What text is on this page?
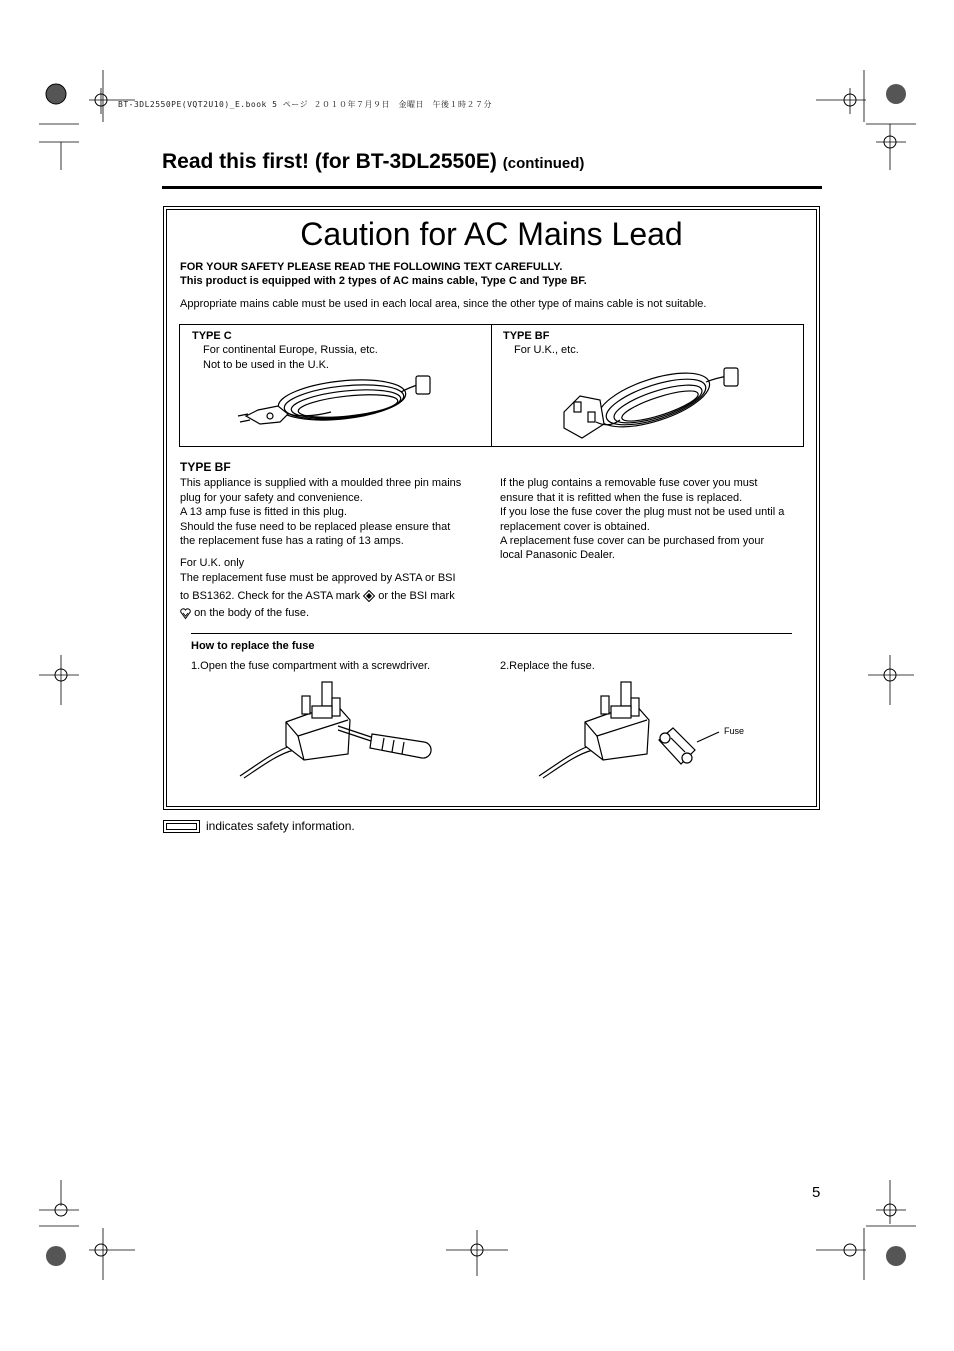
BT-3DL2550PE(VQT2U10)_E.book 5 ページ ２０１０年７月９日　金曜日　午後１時２７分
Read this first! (for BT-3DL2550E) (continued)
Caution for AC Mains Lead
FOR YOUR SAFETY PLEASE READ THE FOLLOWING TEXT CAREFULLY.
This product is equipped with 2 types of AC mains cable, Type C and Type BF.
Appropriate mains cable must be used in each local area, since the other type of mains cable is not suitable.
TYPE C
For continental Europe, Russia, etc.
Not to be used in the U.K.
TYPE BF
For U.K., etc.
TYPE BF
This appliance is supplied with a moulded three pin mains
plug for your safety and convenience.
A 13 amp fuse is fitted in this plug.
Should the fuse need to be replaced please ensure that
the replacement fuse has a rating of 13 amps.
For U.K. only
The replacement fuse must be approved by ASTA or BSI
to BS1362. Check for the ASTA mark or the BSI mark
on the body of the fuse.
If the plug contains a removable fuse cover you must
ensure that it is refitted when the fuse is replaced.
If you lose the fuse cover the plug must not be used until a
replacement cover is obtained.
A replacement fuse cover can be purchased from your
local Panasonic Dealer.
How to replace the fuse
1.Open the fuse compartment with a screwdriver.	2.Replace the fuse.
Fuse
indicates safety information.
5
